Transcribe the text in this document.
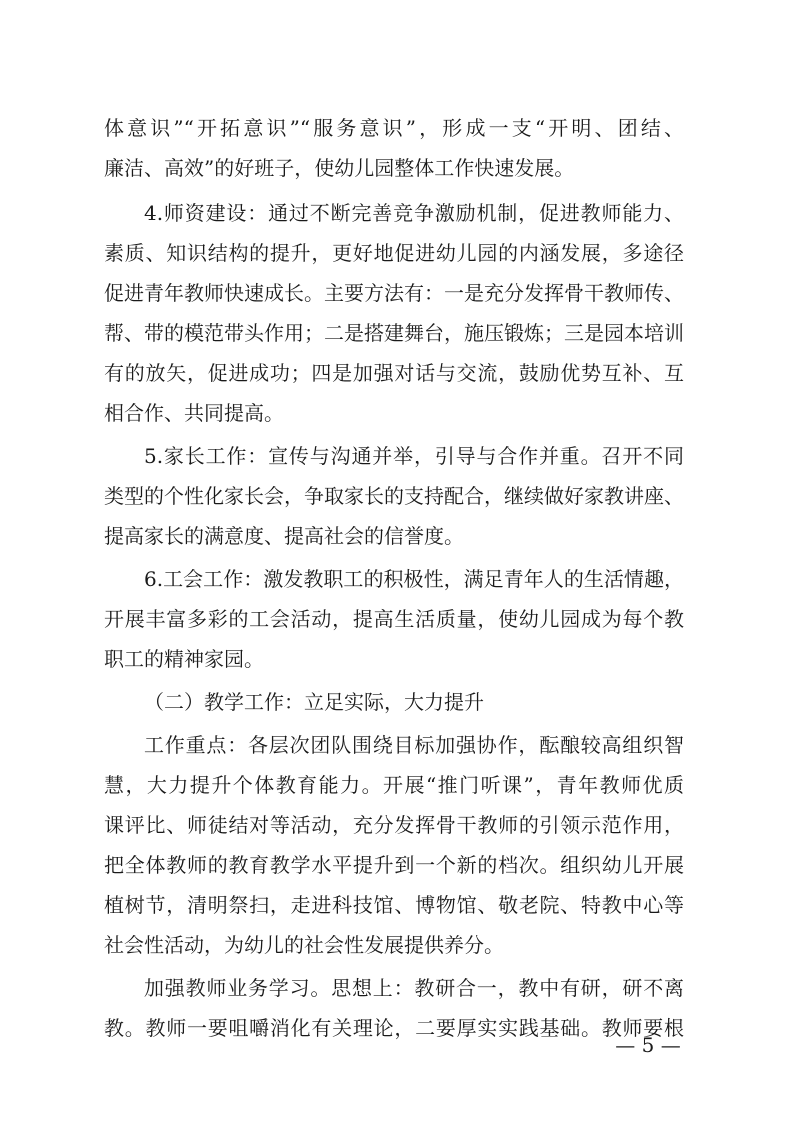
体意识”“开拓意识”“服务意识”，形成一支“开明、团结、
廉洁、高效”的好班子，使幼儿园整体工作快速发展。
4.师资建设：通过不断完善竞争激励机制，促进教师能力、
素质、知识结构的提升，更好地促进幼儿园的内涵发展，多途径
促进青年教师快速成长。主要方法有：一是充分发挥骨干教师传、
帮、带的模范带头作用；二是搭建舞台，施压锻炼；三是园本培训
有的放矢，促进成功；四是加强对话与交流，鼓励优势互补、互
相合作、共同提高。
5.家长工作：宣传与沟通并举，引导与合作并重。召开不同
类型的个性化家长会，争取家长的支持配合，继续做好家教讲座、
提高家长的满意度、提高社会的信誉度。
6.工会工作：激发教职工的积极性，满足青年人的生活情趣，
开展丰富多彩的工会活动，提高生活质量，使幼儿园成为每个教
职工的精神家园。
（二）教学工作：立足实际，大力提升
工作重点：各层次团队围绕目标加强协作，酝酿较高组织智
慧，大力提升个体教育能力。开展“推门听课”，青年教师优质
课评比、师徒结对等活动，充分发挥骨干教师的引领示范作用，
把全体教师的教育教学水平提升到一个新的档次。组织幼儿开展
植树节，清明祭扫，走进科技馆、博物馆、敬老院、特教中心等
社会性活动，为幼儿的社会性发展提供养分。
加强教师业务学习。思想上：教研合一，教中有研，研不离
教。教师一要咀嚼消化有关理论，二要厚实实践基础。教师要根
— 5 —
